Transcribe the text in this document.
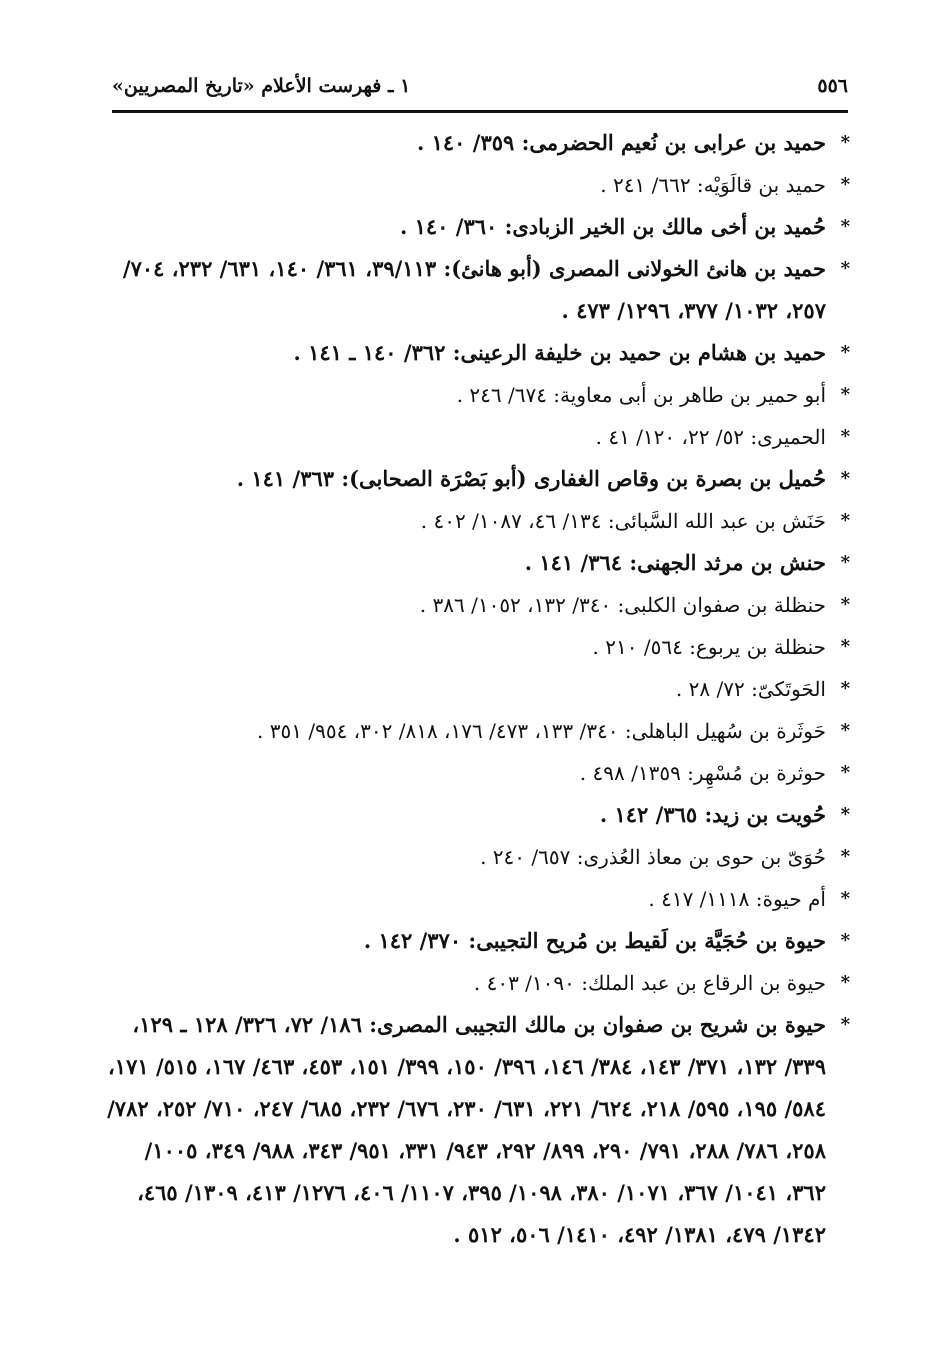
٥٥٦
١ ـ فهرست الأعلام «تاريخ المصريين»
*
حميد بن عرابى بن نُعيم الحضرمى: ٣٥٩/ ١٤٠ .
*
حميد بن قالَوَيْه: ٦٦٢/ ٢٤١ .
*
حُميد بن أخى مالك بن الخير الزبادى: ٣٦٠/ ١٤٠ .
*
حميد بن هانئ الخولانى المصرى (أبو هانئ): ٣٩/١١٣، ٣٦١/ ١٤٠، ٦٣١/ ٢٣٢، ٧٠٤/ ٢٥٧، ١٠٣٢/ ٣٧٧، ١٢٩٦/ ٤٧٣ .
*
حميد بن هشام بن حميد بن خليفة الرعينى: ٣٦٢/ ١٤٠ ـ ١٤١ .
*
أبو حمير بن طاهر بن أبى معاوية: ٦٧٤/ ٢٤٦ .
*
الحميرى: ٥٢/ ٢٢، ١٢٠/ ٤١ .
*
حُميل بن بصرة بن وقاص الغفارى (أبو بَصْرَة الصحابى): ٣٦٣/ ١٤١ .
*
حَنَش بن عبد الله السَّبائى: ١٣٤/ ٤٦، ١٠٨٧/ ٤٠٢ .
*
حنش بن مرثد الجهنى: ٣٦٤/ ١٤١ .
*
حنظلة بن صفوان الكلبى: ٣٤٠/ ١٣٢، ١٠٥٢/ ٣٨٦ .
*
حنظلة بن يربوع: ٥٦٤/ ٢١٠ .
*
الحَوتَكىّ: ٧٢/ ٢٨ .
*
حَوثَرة بن سُهيل الباهلى: ٣٤٠/ ١٣٣، ٤٧٣/ ١٧٦، ٨١٨/ ٣٠٢، ٩٥٤/ ٣٥١ .
*
حوثرة بن مُسْهِر: ١٣٥٩/ ٤٩٨ .
*
حُويت بن زيد: ٣٦٥/ ١٤٢ .
*
حُوَىّ بن حوى بن معاذ العُذرى: ٦٥٧/ ٢٤٠ .
*
أم حيوة: ١١١٨/ ٤١٧ .
*
حيوة بن حُجَيَّة بن لَقيط بن مُريح التجيبى: ٣٧٠/ ١٤٢ .
*
حيوة بن الرقاع بن عبد الملك: ١٠٩٠/ ٤٠٣ .
*
حيوة بن شريح بن صفوان بن مالك التجيبى المصرى: ١٨٦/ ٧٢، ٣٢٦/ ١٢٨ ـ ١٢٩، ٣٣٩/ ١٣٢، ٣٧١/ ١٤٣، ٣٨٤/ ١٤٦، ٣٩٦/ ١٥٠، ٣٩٩/ ١٥١، ٤٥٣، ٤٦٣/ ١٦٧، ٥١٥/ ١٧١، ٥٨٤/ ١٩٥، ٥٩٥/ ٢١٨، ٦٢٤/ ٢٢١، ٦٣١/ ٢٣٠، ٦٧٦/ ٢٣٢، ٦٨٥/ ٢٤٧، ٧١٠/ ٢٥٢، ٧٨٢/ ٢٥٨، ٧٨٦/ ٢٨٨، ٧٩١/ ٢٩٠، ٨٩٩/ ٢٩٢، ٩٤٣/ ٣٣١، ٩٥١/ ٣٤٣، ٩٨٨/ ٣٤٩، ١٠٠٥/ ٣٦٢، ١٠٤١/ ٣٦٧، ١٠٧١/ ٣٨٠، ١٠٩٨/ ٣٩٥، ١١٠٧/ ٤٠٦، ١٢٧٦/ ٤١٣، ١٣٠٩/ ٤٦٥، ١٣٤٢/ ٤٧٩، ١٣٨١/ ٤٩٢، ١٤١٠/ ٥٠٦، ٥١٢ .
